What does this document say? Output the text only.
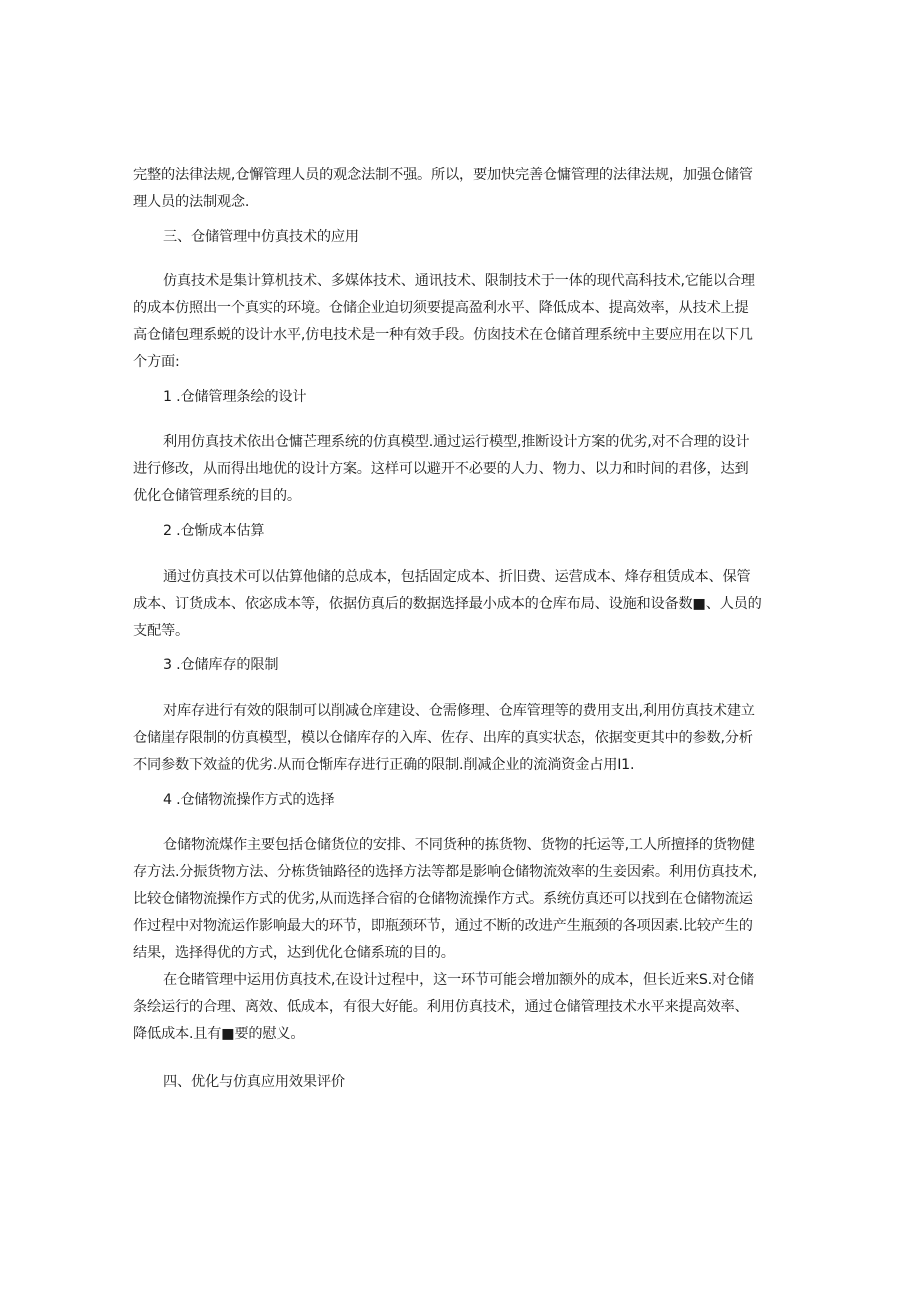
完整的法律法规,仓懈管理人员的观念法制不强。所以，要加快完善仓慵管理的法律法规，加强仓储管
理人员的法制观念.
三、仓储管理中仿真技术的应用
仿真技术是集计算机技术、多媒体技术、通讯技术、限制技术于一体的现代高科技术,它能以合理
的成本仿照出一个真实的环境。仓储企业迫切须要提高盈利水平、降低成本、提高效率，从技术上提
高仓储包理系蜕的设计水平,仿电技术是一种有效手段。仿囱技术在仓储首理系统中主要应用在以下几
个方面:
1 .仓储管理条绘的设计
利用仿真技术依出仓慵芒理系统的仿真模型.通过运行模型,推断设计方案的优劣,对不合理的设计
进行修改，从而得出地优的设计方案。这样可以避开不必要的人力、物力、以力和时间的君侈，达到
优化仓储管理系统的目的。
2 .仓惭成本估算
通过仿真技术可以估算他储的总成本，包括固定成本、折旧费、运营成本、烽存租赁成本、保管
成本、订货成本、依宓成本等，依据仿真后的数据选择最小成本的仓库布局、设施和设备数■、人员的
支配等。
3 .仓储库存的限制
对库存进行有效的限制可以削减仓庠建设、仓需修理、仓库管理等的费用支出,利用仿真技术建立
仓储崖存限制的仿真模型，模以仓储库存的入库、佐存、出库的真实状态，依据变更其中的参数,分析
不同参数下效益的优劣.从而仓惭库存进行正确的限制.削减企业的流淌资金占用I1.
4 .仓储物流操作方式的选择
仓储物流煤作主要包括仓储货位的安排、不同货种的拣货物、货物的托运等,工人所擅择的货物健
存方法.分振货物方法、分栋货铀路径的选择方法等都是影响仓储物流效率的生妾因索。利用仿真技术,
比较仓储物流操作方式的优劣,从而选择合宿的仓储物流操作方式。系统仿真还可以找到在仓储物流运
作过程中对物流运作影响最大的环节，即瓶颈环节，通过不断的改进产生瓶颈的各项因素.比较产生的
结果，选择得优的方式，达到优化仓储系琉的目的。
在仓睹管理中运用仿真技术,在设计过程中，这一环节可能会增加额外的成本，但长近来S.对仓储
条绘运行的合理、离效、低成本，有很大好能。利用仿真技术，通过仓储管理技术水平来提高效率、
降低成本.且有■要的慰义。
四、优化与仿真应用效果评价
